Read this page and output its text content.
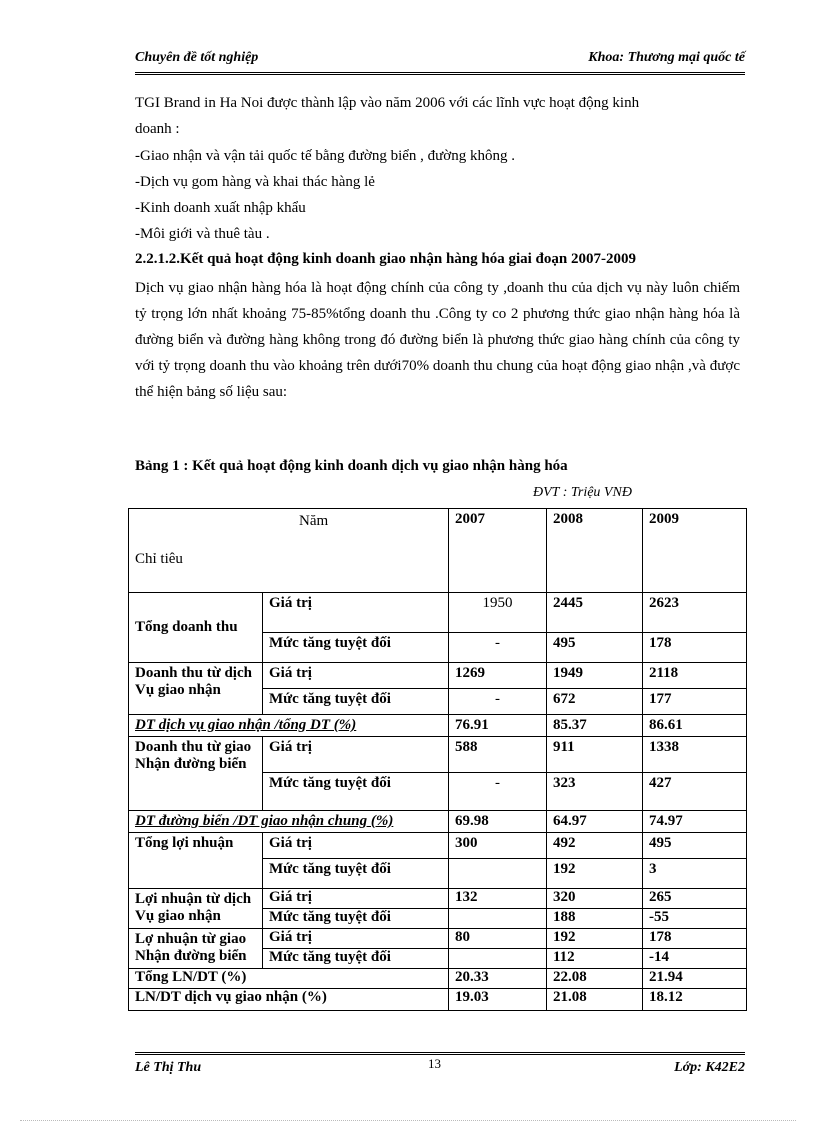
Chuyên đề tốt nghiệp	Khoa: Thương mại quốc tế
TGI Brand in Ha Noi được thành lập vào năm 2006 với các lĩnh vực hoạt động kinh
doanh :
-Giao nhận và vận tải quốc tế bằng đường biển , đường không .
-Dịch vụ gom hàng và khai thác hàng lẻ
-Kinh doanh xuất nhập khẩu
-Môi giới và thuê tàu .
2.2.1.2.Kết quả hoạt động kinh doanh giao nhận hàng hóa giai đoạn 2007-2009
Dịch vụ giao nhận hàng hóa là hoạt động chính của công ty ,doanh thu của dịch vụ này luôn chiếm tỷ trọng lớn nhất khoảng 75-85%tổng doanh thu .Công ty co 2 phương thức giao nhận hàng hóa là đường biển và đường hàng không trong đó đường biển là phương thức giao hàng chính của công ty với tỷ trọng doanh thu vào khoảng trên dưới70% doanh thu chung của hoạt động giao nhận ,và được thể hiện bảng số liệu sau:
Bảng 1 : Kết quả hoạt động kinh doanh dịch vụ giao nhận hàng hóa
ĐVT : Triệu VNĐ
Năm
Chỉ tiêu		2007	2008	2009
Tổng doanh thu	Giá trị	1950	2445	2623
	Mức tăng tuyệt đối	-	495	178

Doanh thu từ dịch
Vụ giao nhận	Giá trị	1269	1949	2118
	Mức tăng tuyệt đối	-	672	177
DT dịch vụ giao nhận /tổng DT (%)		76.91	85.37	86.61

Doanh thu từ giao
Nhận đường biển	Giá trị	588	911	1338
	Mức tăng tuyệt đối	-	323	427
DT đường biển /DT giao nhận chung (%)		69.98	64.97	74.97
Tổng lợi nhuận	Giá trị	300	492	495
	Mức tăng tuyệt đối		192	3

Lợi nhuận từ dịch
Vụ giao nhận	Giá trị	132	320	265
	Mức tăng tuyệt đối		188	-55

Lợ nhuận từ giao
Nhận đường biển	Giá trị	80	192	178
	Mức tăng tuyệt đối		112	-14
Tổng LN/DT (%)		20.33	22.08	21.94
LN/DT dịch vụ giao nhận (%)		19.03	21.08	18.12
Lê Thị Thu	13	Lớp: K42E2
